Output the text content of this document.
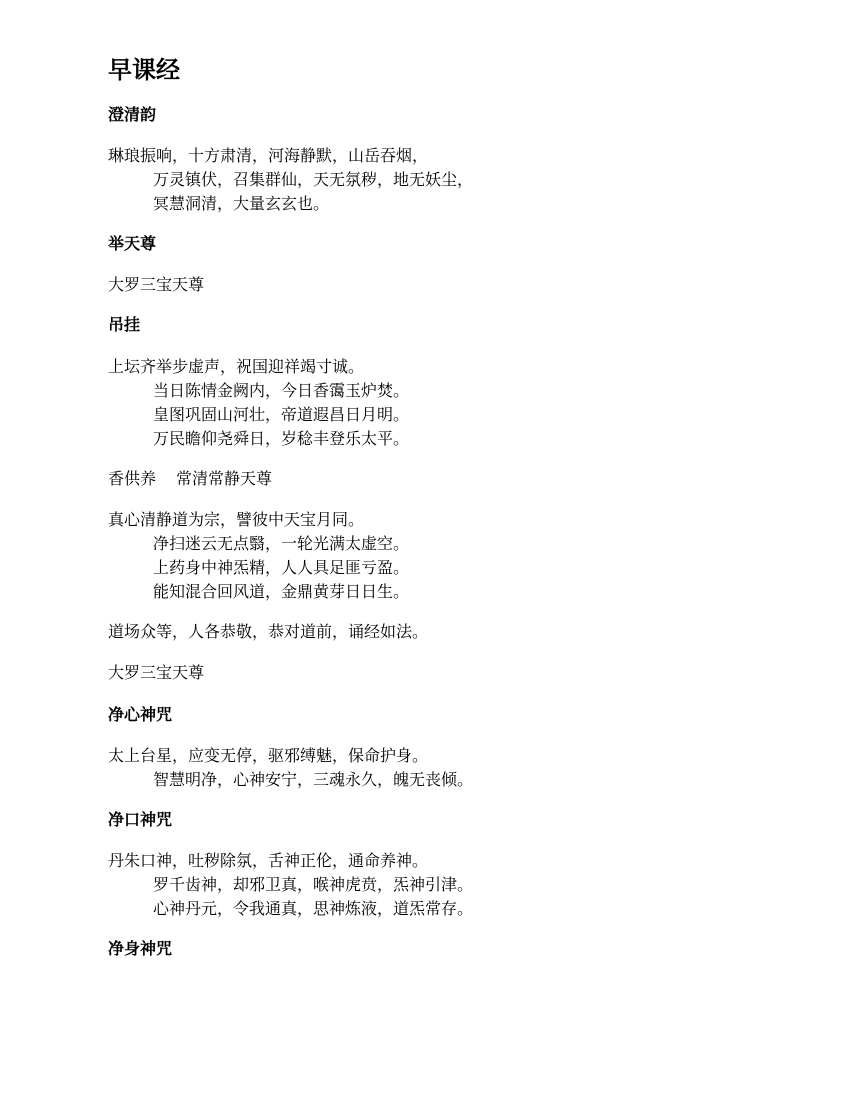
早课经
澄清韵

琳琅振响，十方肃清，河海静默，山岳吞烟，
万灵镇伏，召集群仙，天无氛秽，地无妖尘，
冥慧洞清，大量玄玄也。

举天尊

大罗三宝天尊

吊挂

上坛齐举步虚声，祝国迎祥竭寸诚。
当日陈情金阙内，今日香霭玉炉焚。
皇图巩固山河壮，帝道遐昌日月明。
万民瞻仰尧舜日，岁稔丰登乐太平。

香供养 常清常静天尊

真心清静道为宗，譬彼中天宝月同。
净扫迷云无点翳，一轮光满太虚空。
上药身中神炁精，人人具足匪亏盈。
能知混合回风道，金鼎黄芽日日生。

道场众等，人各恭敬，恭对道前，诵经如法。

大罗三宝天尊

净心神咒

太上台星，应变无停，驱邪缚魅，保命护身。
智慧明净，心神安宁，三魂永久，魄无丧倾。

净口神咒

丹朱口神，吐秽除氛，舌神正伦，通命养神。
罗千齿神，却邪卫真，喉神虎贲，炁神引津。
心神丹元，令我通真，思神炼液，道炁常存。

净身神咒
